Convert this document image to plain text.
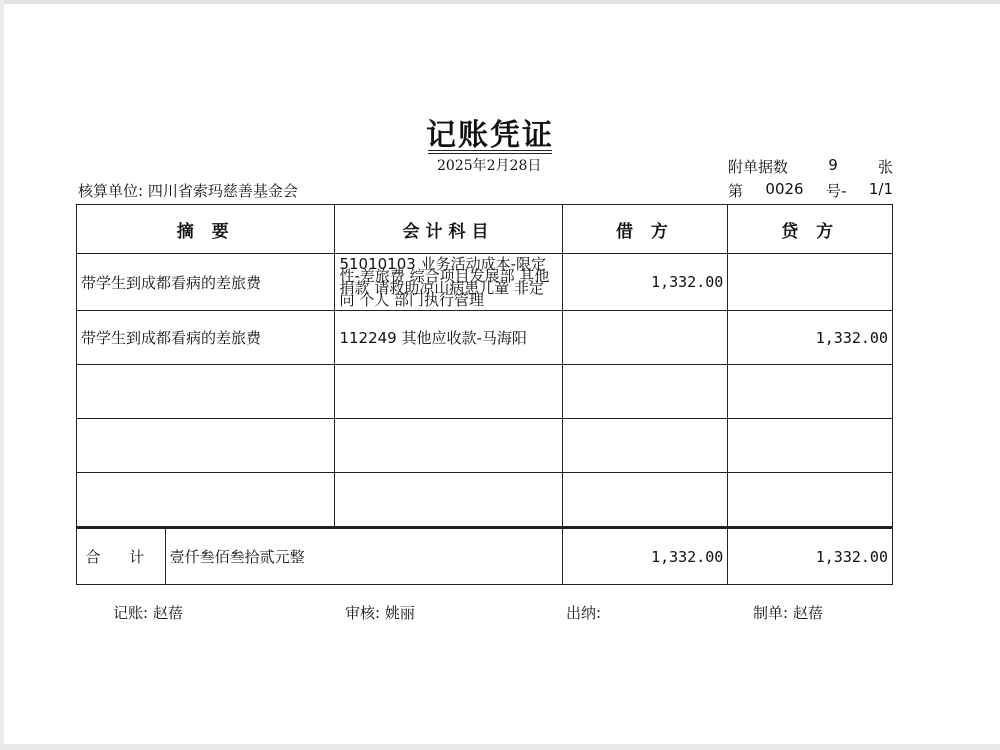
记账凭证
2025年2月28日	附单据数	9	张
核算单位: 四川省索玛慈善基金会	第 0026 号- 1/1
摘 要		会计科目	借 方	贷 方
带学生到成都看病的差旅费		51010103 业务活动成本-限定性-差旅费 综合项目发展部 其他捐款 请救助凉山病患儿童 非定向 个人 部门执行管理	1,332.00	
带学生到成都看病的差旅费		112249 其他应收款-马海阳		1,332.00

合 计	壹仟叁佰叁拾贰元整		1,332.00	1,332.00
记账: 赵蓓	审核: 姚丽	出纳:	制单: 赵蓓
